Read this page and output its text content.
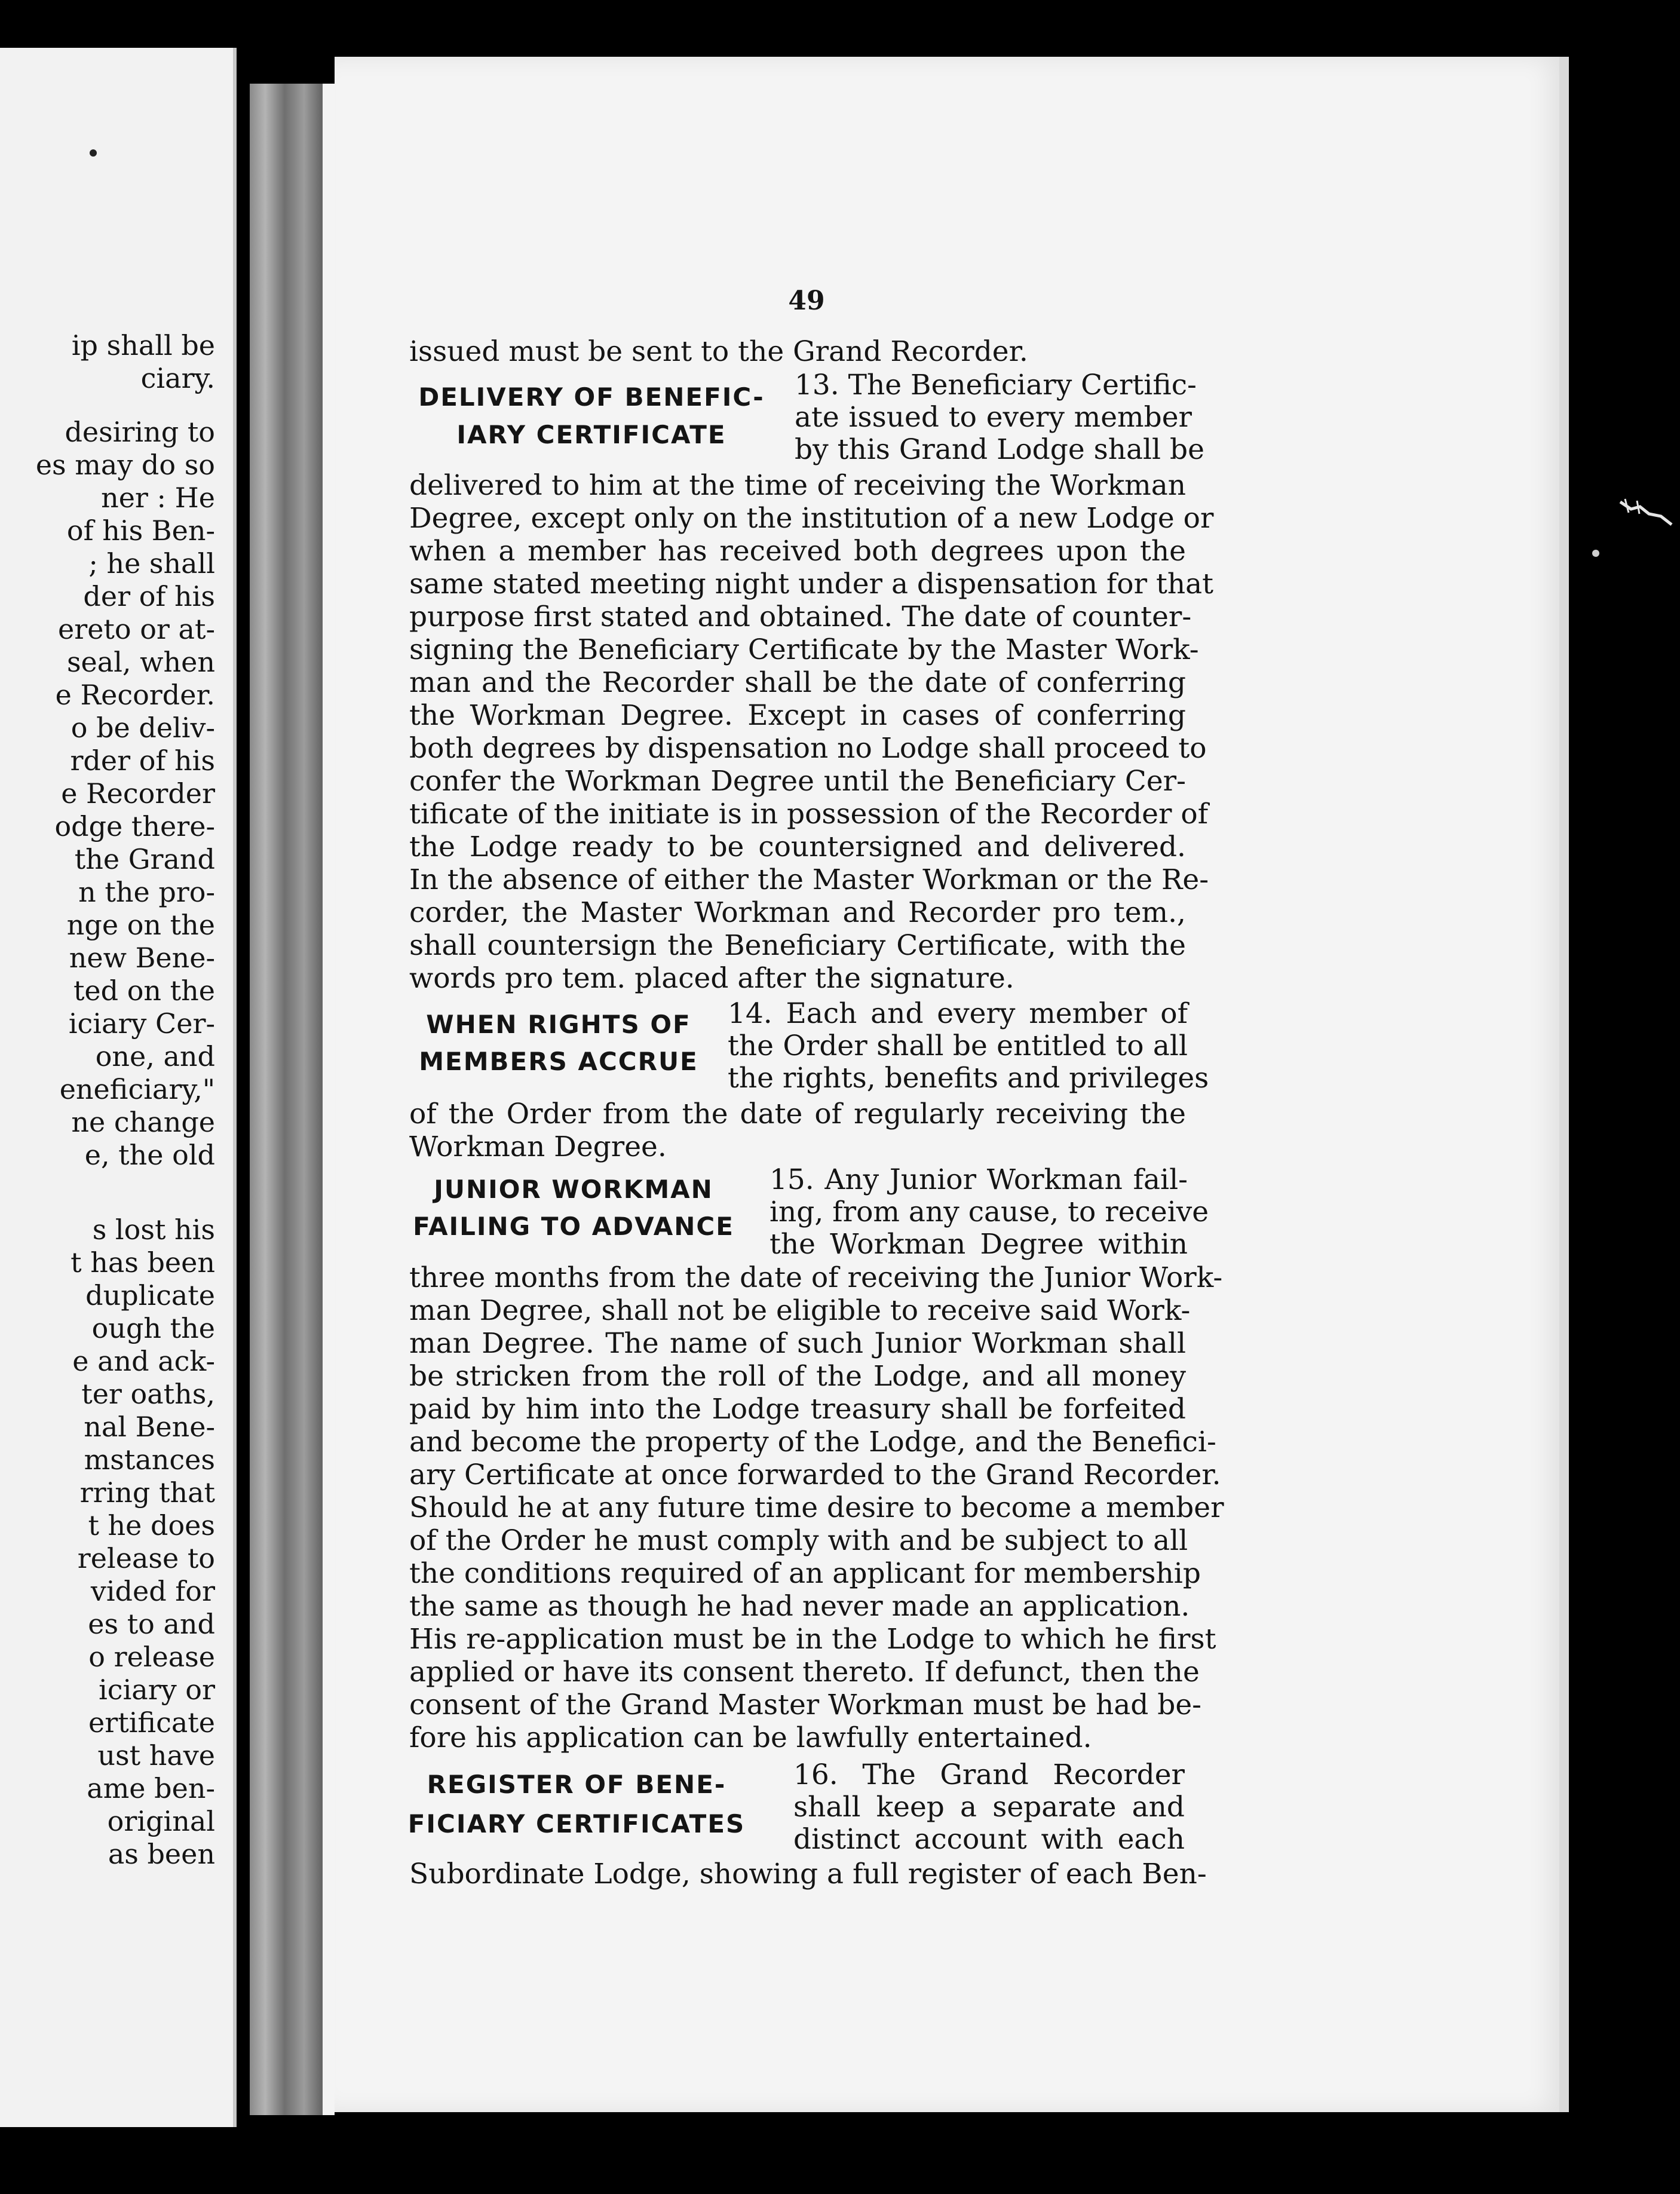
ip shall be
ciary.
desiring to
es may do so
ner : He
of his Ben-
; he shall
der of his
ereto or at-
seal, when
e Recorder.
o be deliv-
rder of his
e Recorder
odge there-
the Grand
n the pro-
nge on the
new Bene-
ted on the
iciary Cer-
one, and
eneficiary,"
ne change
e, the old
s lost his
t has been
duplicate
ough the
e and ack-
ter oaths,
nal Bene-
mstances
rring that
t he does
release to
vided for
es to and
o release
iciary or
ertificate
ust have
ame ben-
original
as been
49
issued must be sent to the Grand Recorder.
DELIVERY OF BENEFIC-
IARY CERTIFICATE
13. The Beneficiary Certific-
ate issued to every member
by this Grand Lodge shall be
delivered to him at the time of receiving the Workman
Degree, except only on the institution of a new Lodge or
when a member has received both degrees upon the
same stated meeting night under a dispensation for that
purpose first stated and obtained. The date of counter-
signing the Beneficiary Certificate by the Master Work-
man and the Recorder shall be the date of conferring
the Workman Degree. Except in cases of conferring
both degrees by dispensation no Lodge shall proceed to
confer the Workman Degree until the Beneficiary Cer-
tificate of the initiate is in possession of the Recorder of
the Lodge ready to be countersigned and delivered.
In the absence of either the Master Workman or the Re-
corder, the Master Workman and Recorder pro tem.,
shall countersign the Beneficiary Certificate, with the
words pro tem. placed after the signature.
WHEN RIGHTS OF
MEMBERS ACCRUE
14. Each and every member of
the Order shall be entitled to all
the rights, benefits and privileges
of the Order from the date of regularly receiving the
Workman Degree.
JUNIOR WORKMAN
FAILING TO ADVANCE
15. Any Junior Workman fail-
ing, from any cause, to receive
the Workman Degree within
three months from the date of receiving the Junior Work-
man Degree, shall not be eligible to receive said Work-
man Degree. The name of such Junior Workman shall
be stricken from the roll of the Lodge, and all money
paid by him into the Lodge treasury shall be forfeited
and become the property of the Lodge, and the Benefici-
ary Certificate at once forwarded to the Grand Recorder.
Should he at any future time desire to become a member
of the Order he must comply with and be subject to all
the conditions required of an applicant for membership
the same as though he had never made an application.
His re-application must be in the Lodge to which he first
applied or have its consent thereto. If defunct, then the
consent of the Grand Master Workman must be had be-
fore his application can be lawfully entertained.
REGISTER OF BENE-
FICIARY CERTIFICATES
16. The Grand Recorder
shall keep a separate and
distinct account with each
Subordinate Lodge, showing a full register of each Ben-
